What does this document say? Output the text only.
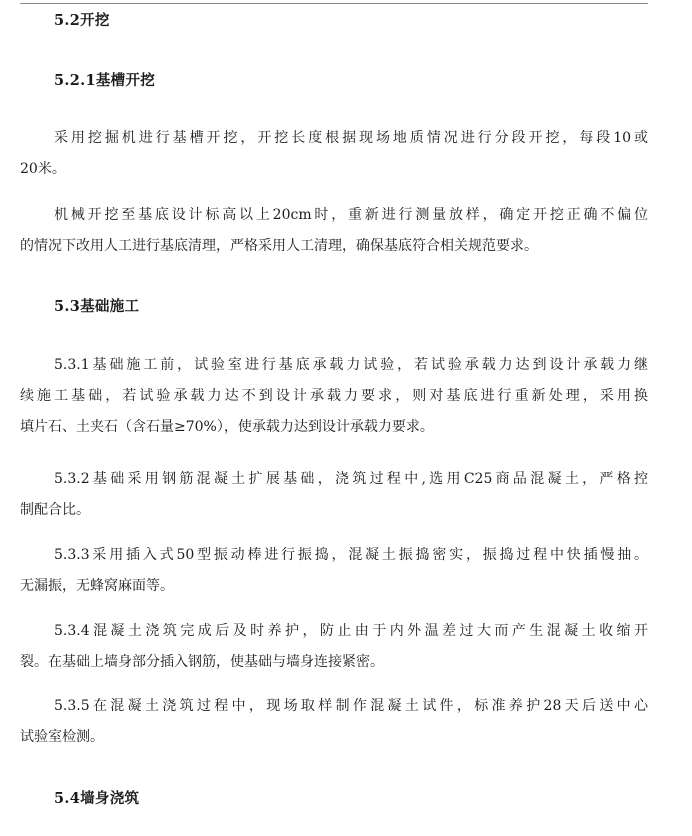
5.2开挖
5.2.1基槽开挖
采用挖掘机进行基槽开挖，开挖长度根据现场地质情况进行分段开挖，每段10或
20米。
机械开挖至基底设计标高以上20cm时，重新进行测量放样，确定开挖正确不偏位
的情况下改用人工进行基底清理，严格采用人工清理，确保基底符合相关规范要求。
5.3基础施工
5.3.1基础施工前，试验室进行基底承载力试验，若试验承载力达到设计承载力继
续施工基础，若试验承载力达不到设计承载力要求，则对基底进行重新处理，采用换
填片石、土夹石（含石量≥70%），使承载力达到设计承载力要求。
5.3.2基础采用钢筋混凝土扩展基础，浇筑过程中,选用C25商品混凝土，严格控
制配合比。
5.3.3采用插入式50型振动棒进行振捣，混凝土振捣密实，振捣过程中快插慢抽。
无漏振，无蜂窝麻面等。
5.3.4混凝土浇筑完成后及时养护，防止由于内外温差过大而产生混凝土收缩开
裂。在基础上墙身部分插入钢筋，使基础与墙身连接紧密。
5.3.5在混凝土浇筑过程中，现场取样制作混凝土试件，标准养护28天后送中心
试验室检测。
5.4墙身浇筑
